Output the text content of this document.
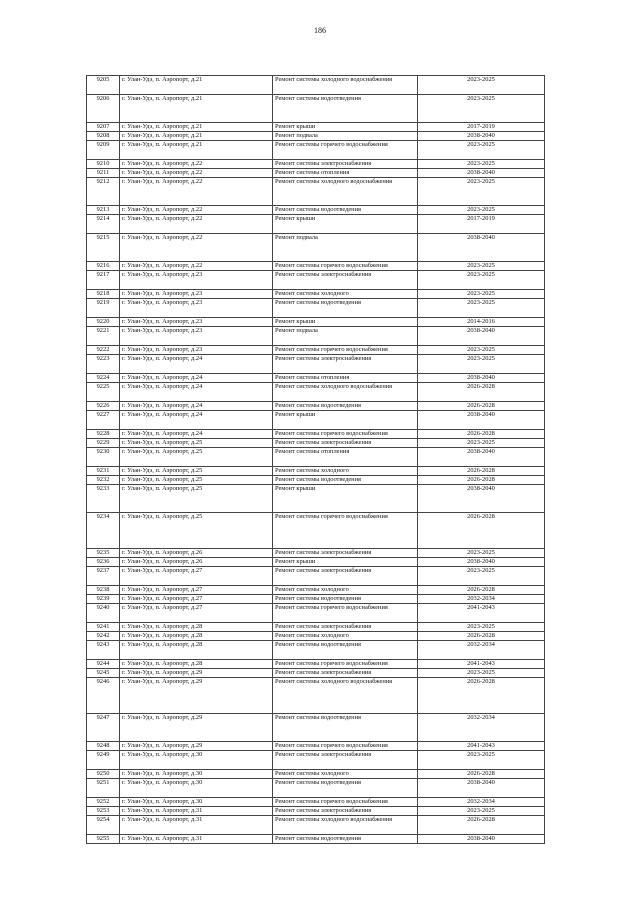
186
9205	г. Улан-Удэ, п. Аэропорт, д.21	Ремонт системы холодного водоснабжения	2023-2025
9206	г. Улан-Удэ, п. Аэропорт, д.21	Ремонт системы водоотведения	2023-2025
9207	г. Улан-Удэ, п. Аэропорт, д.21	Ремонт крыши	2017-2019
9208	г. Улан-Удэ, п. Аэропорт, д.21	Ремонт подвала	2038-2040
9209	г. Улан-Удэ, п. Аэропорт, д.21	Ремонт системы горячего водоснабжения	2023-2025
9210	г. Улан-Удэ, п. Аэропорт, д.22	Ремонт системы электроснабжения	2023-2025
9211	г. Улан-Удэ, п. Аэропорт, д.22	Ремонт системы отопления	2038-2040
9212	г. Улан-Удэ, п. Аэропорт, д.22	Ремонт системы холодного водоснабжения	2023-2025
9213	г. Улан-Удэ, п. Аэропорт, д.22	Ремонт системы водоотведения	2023-2025
9214	г. Улан-Удэ, п. Аэропорт, д.22	Ремонт крыши	2017-2019
9215	г. Улан-Удэ, п. Аэропорт, д.22	Ремонт подвала	2038-2040
9216	г. Улан-Удэ, п. Аэропорт, д.22	Ремонт системы горячего водоснабжения	2023-2025
9217	г. Улан-Удэ, п. Аэропорт, д.23	Ремонт системы электроснабжения	2023-2025
9218	г. Улан-Удэ, п. Аэропорт, д.23	Ремонт системы холодного	2023-2025
9219	г. Улан-Удэ, п. Аэропорт, д.23	Ремонт системы водоотведения	2023-2025
9220	г. Улан-Удэ, п. Аэропорт, д.23	Ремонт крыши	2014-2016
9221	г. Улан-Удэ, п. Аэропорт, д.23	Ремонт подвала	2038-2040
9222	г. Улан-Удэ, п. Аэропорт, д.23	Ремонт системы горячего водоснабжения	2023-2025
9223	г. Улан-Удэ, п. Аэропорт, д.24	Ремонт системы электроснабжения	2023-2025
9224	г. Улан-Удэ, п. Аэропорт, д.24	Ремонт системы отопления	2038-2040
9225	г. Улан-Удэ, п. Аэропорт, д.24	Ремонт системы холодного водоснабжения	2026-2028
9226	г. Улан-Удэ, п. Аэропорт, д.24	Ремонт системы водоотведения	2026-2028
9227	г. Улан-Удэ, п. Аэропорт, д.24	Ремонт крыши	2038-2040
9228	г. Улан-Удэ, п. Аэропорт, д.24	Ремонт системы горячего водоснабжения	2026-2028
9229	г. Улан-Удэ, п. Аэропорт, д.25	Ремонт системы электроснабжения	2023-2025
9230	г. Улан-Удэ, п. Аэропорт, д.25	Ремонт системы отопления	2038-2040
9231	г. Улан-Удэ, п. Аэропорт, д.25	Ремонт системы холодного	2026-2028
9232	г. Улан-Удэ, п. Аэропорт, д.25	Ремонт системы водоотведения	2026-2028
9233	г. Улан-Удэ, п. Аэропорт, д.25	Ремонт крыши	2038-2040
9234	г. Улан-Удэ, п. Аэропорт, д.25	Ремонт системы горячего водоснабжения	2026-2028
9235	г. Улан-Удэ, п. Аэропорт, д.26	Ремонт системы электроснабжения	2023-2025
9236	г. Улан-Удэ, п. Аэропорт, д.26	Ремонт крыши	2038-2040
9237	г. Улан-Удэ, п. Аэропорт, д.27	Ремонт системы электроснабжения	2023-2025
9238	г. Улан-Удэ, п. Аэропорт, д.27	Ремонт системы холодного	2026-2028
9239	г. Улан-Удэ, п. Аэропорт, д.27	Ремонт системы водоотведения	2032-2034
9240	г. Улан-Удэ, п. Аэропорт, д.27	Ремонт системы горячего водоснабжения	2041-2043
9241	г. Улан-Удэ, п. Аэропорт, д.28	Ремонт системы электроснабжения	2023-2025
9242	г. Улан-Удэ, п. Аэропорт, д.28	Ремонт системы холодного	2026-2028
9243	г. Улан-Удэ, п. Аэропорт, д.28	Ремонт системы водоотведения	2032-2034
9244	г. Улан-Удэ, п. Аэропорт, д.28	Ремонт системы горячего водоснабжения	2041-2043
9245	г. Улан-Удэ, п. Аэропорт, д.29	Ремонт системы электроснабжения	2023-2025
9246	г. Улан-Удэ, п. Аэропорт, д.29	Ремонт системы холодного водоснабжения	2026-2028
9247	г. Улан-Удэ, п. Аэропорт, д.29	Ремонт системы водоотведения	2032-2034
9248	г. Улан-Удэ, п. Аэропорт, д.29	Ремонт системы горячего водоснабжения	2041-2043
9249	г. Улан-Удэ, п. Аэропорт, д.30	Ремонт системы электроснабжения	2023-2025
9250	г. Улан-Удэ, п. Аэропорт, д.30	Ремонт системы холодного	2026-2028
9251	г. Улан-Удэ, п. Аэропорт, д.30	Ремонт системы водоотведения	2038-2040
9252	г. Улан-Удэ, п. Аэропорт, д.30	Ремонт системы горячего водоснабжения	2032-2034
9253	г. Улан-Удэ, п. Аэропорт, д.31	Ремонт системы электроснабжения	2023-2025
9254	г. Улан-Удэ, п. Аэропорт, д.31	Ремонт системы холодного водоснабжения	2026-2028
9255	г. Улан-Удэ, п. Аэропорт, д.31	Ремонт системы водоотведения	2038-2040
